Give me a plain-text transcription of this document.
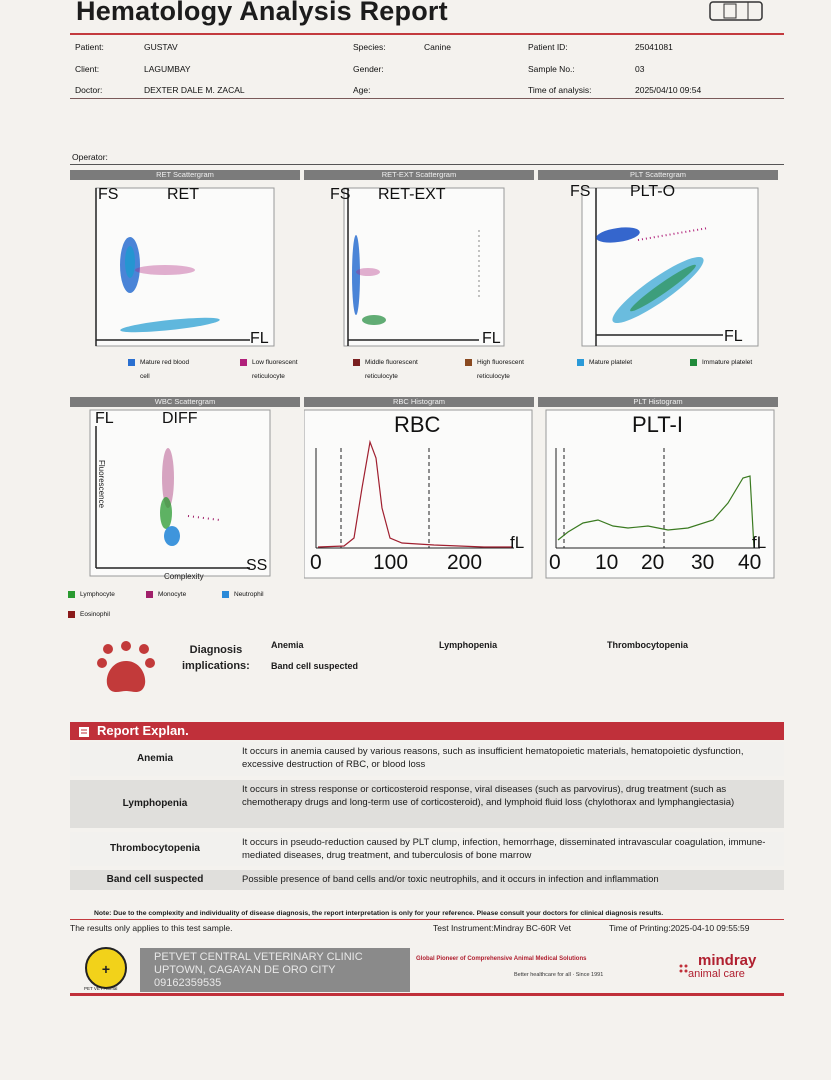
Hematology Analysis Report
Patient:	GUSTAV
Client:	LAGUMBAY
Doctor:	DEXTER DALE M. ZACAL
Species:	Canine
Gender:
Age:
Patient ID:	25041081
Sample No.:	03
Time of analysis:	2025/04/10 09:54
Operator:
RET Scattergram	RET-EXT Scattergram	PLT Scattergram
FS	RET
FL
FS RET-EXT
FL
FS PLT-O
FL
Mature red blood
cell
Low fluorescent
reticulocyte
Middle fluorescent
reticulocyte
High fluorescent
reticulocyte
Mature platelet	Immature platelet
WBC Scattergram	RBC Histogram	PLT Histogram
FL	DIFF
SS
Fluorescence
Complexity
RBC
fL
0 100 200
PLT-I
fL
0 10 20 30 40
Lymphocyte	Monocyte	Neutrophil
Eosinophil
Diagnosis
implications:
Anemia	Lymphopenia	Thrombocytopenia
Band cell suspected
Report Explan.
Anemia
It occurs in anemia caused by various reasons, such as insufficient hematopoietic materials, hematopoietic dysfunction, excessive destruction of RBC, or blood loss
Lymphopenia
It occurs in stress response or corticosteroid response, viral diseases (such as parvovirus), drug treatment (such as chemotherapy drugs and long-term use of corticosteroid), and lymphoid fluid loss (chylothorax and lymphangiectasia)
Thrombocytopenia
It occurs in pseudo-reduction caused by PLT clump, infection, hemorrhage, disseminated intravascular coagulation, immune-mediated diseases, drug treatment, and tuberculosis of bone marrow
Band cell suspected	Possible presence of band cells and/or toxic neutrophils, and it occurs in infection and inflammation
Note: Due to the complexity and individuality of disease diagnosis, the report interpretation is only for your reference. Please consult your doctors for clinical diagnosis results.
The results only applies to this test sample.	Test Instrument:Mindray BC-60R Vet	Time of Printing:2025-04-10 09:55:59
+
PET VET Animal
PETVET CENTRAL VETERINARY CLINIC
UPTOWN, CAGAYAN DE ORO CITY
09162359535
Global Pioneer of Comprehensive Animal Medical Solutions
Better healthcare for all · Since 1991
mindray
animal care
